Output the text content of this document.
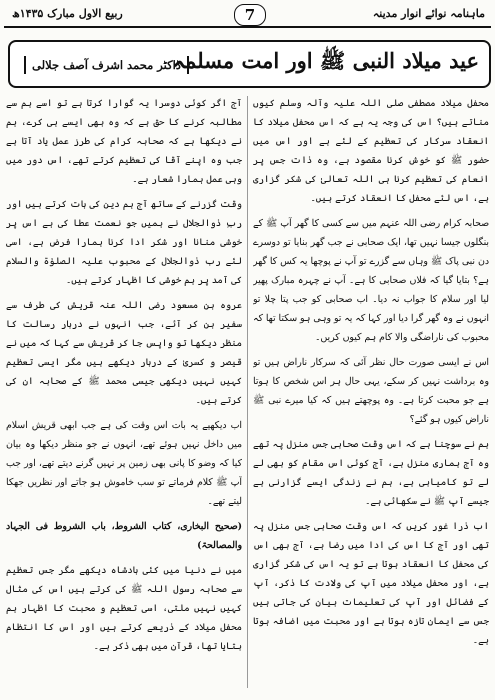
ماہنامہ نوائے انوار مدینہ
7
ربیع الاول مبارک ۱۴۳۵ھ
عید میلاد النبی ﷺ اور امت مسلمہ
ڈاکٹر محمد اشرف آصف جلالی

محفل میلاد مصطفی صلی اللہ علیہ وآلہ وسلم کیوں مناتے ہیں؟ اس کی وجہ یہ ہے کہ اس محفل میلاد کا انعقاد سرکار کی تعظیم کے لئے ہے اور اس میں حضور ﷺ کو خوش کرنا مقصود ہے، وہ ذات جس پر انعام کی تعظیم کرنا ہی اللہ تعالیٰ کی شکر گزاری ہے، اس لئے محفل کا انعقاد کرتے ہیں۔

صحابہ کرام رضی اللہ عنہم میں سے کسی کا گھر آپ ﷺ کے بنگلوں جیسا نہیں تھا، ایک صحابی نے جب گھر بنایا تو دوسرے دن نبی پاک ﷺ وہاں سے گزرے تو آپ نے پوچھا یہ کس کا گھر ہے؟ بتایا گیا کہ فلاں صحابی کا ہے۔ آپ نے چہرہ مبارک پھیر لیا اور سلام کا جواب نہ دیا۔ اب صحابی کو جب پتا چلا تو انہوں نے وہ گھر گرا دیا اور کہا کہ یہ تو وہی ہو سکتا تھا کہ محبوب کی ناراضگی والا کام ہم کیوں کریں۔

اس نے ایسی صورت حال نظر آئی کہ سرکار ناراض ہیں تو وہ برداشت نہیں کر سکے، یہی حال ہر اس شخص کا ہوتا ہے جو محبت کرتا ہے۔ وہ پوچھتے ہیں کہ کیا میرے نبی ﷺ ناراض کیوں ہو گئے؟

ہم نے سوچنا ہے کہ اس وقت صحابی جس منزل پہ تھے وہ آج ہماری منزل ہے، آج کوئی اس مقام کو بھی لے لے تو کامیابی ہے، ہم نے زندگی ایسے گزارنی ہے جیسے آپ ﷺ نے سکھائی ہے۔

اب ذرا غور کریں کہ اس وقت صحابی جس منزل پہ تھی اور آج کا اس کی ادا میں رضا ہے، آج بھی اس کی محفل کا انعقاد ہوتا ہے تو یہ اس کی شکر گزاری ہے، اور محفل میلاد میں آپ کی ولادت کا ذکر، آپ کے فضائل اور آپ کی تعلیمات بیان کی جاتی ہیں جس سے ایمان تازہ ہوتا ہے اور محبت میں اضافہ ہوتا ہے۔

آج اگر کوئی دوسرا یہ گوارا کرتا ہے تو اسے ہم سے مطالبہ کرنے کا حق ہے کہ وہ بھی ایسے ہی کرے، ہم نے دیکھا ہے کہ صحابہ کرام کی طرز عمل یاد آتا ہے جب وہ اپنے آقا کی تعظیم کرتے تھے، اس دور میں وہی عمل ہمارا شعار ہے۔

وقت گزرنے کے ساتھ آج ہم دین کی بات کرتے ہیں اور ربِ ذوالجلال نے ہمیں جو نعمت عطا کی ہے اس پر خوشی منانا اور شکر ادا کرنا ہمارا فرض ہے، اسی لئے رب ذوالجلال کے محبوب علیہ الصلوٰۃ والسلام کی آمد پر ہم خوشی کا اظہار کرتے ہیں۔

عروہ بن مسعود رضی اللہ عنہ قریش کی طرف سے سفیر بن کر آئے، جب انہوں نے دربار رسالت کا منظر دیکھا تو واپس جا کر قریش سے کہا کہ میں نے قیصر و کسریٰ کے دربار دیکھے ہیں مگر ایسی تعظیم کہیں نہیں دیکھی جیسی محمد ﷺ کے صحابہ ان کی کرتے ہیں۔

اب دیکھیے یہ بات اس وقت کی ہے جب ابھی قریش اسلام میں داخل نہیں ہوئے تھے، انہوں نے جو منظر دیکھا وہ بیان کیا کہ وضو کا پانی بھی زمین پر نہیں گرنے دیتے تھے، اور جب آپ ﷺ کلام فرماتے تو سب خاموش ہو جاتے اور نظریں جھکا لیتے تھے۔

(صحیح البخاری، کتاب الشروط، باب الشروط فی الجہاد والمصالحۃ)

میں نے دنیا میں کئی بادشاہ دیکھے مگر جس تعظیم سے صحابہ رسول اللہ ﷺ کی کرتے ہیں اس کی مثال کہیں نہیں ملتی، اسی تعظیم و محبت کا اظہار ہم محفل میلاد کے ذریعے کرتے ہیں اور اس کا انتظام بتایا تھا، قرآن میں بھی ذکر ہے۔
